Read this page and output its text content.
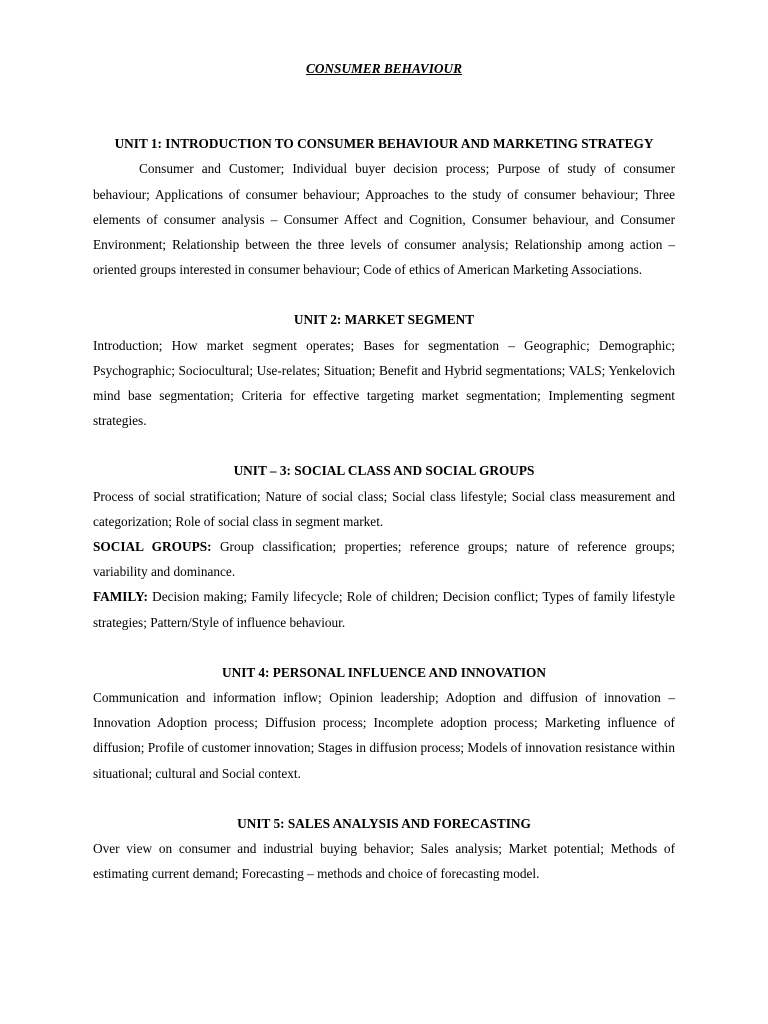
CONSUMER BEHAVIOUR
UNIT 1: INTRODUCTION TO CONSUMER BEHAVIOUR AND MARKETING STRATEGY

Consumer and Customer; Individual buyer decision process; Purpose of study of consumer behaviour; Applications of consumer behaviour; Approaches to the study of consumer behaviour; Three elements of consumer analysis – Consumer Affect and Cognition, Consumer behaviour, and Consumer Environment; Relationship between the three levels of consumer analysis; Relationship among action – oriented groups interested in consumer behaviour; Code of ethics of American Marketing Associations.

UNIT 2: MARKET SEGMENT

Introduction; How market segment operates; Bases for segmentation – Geographic; Demographic; Psychographic; Sociocultural; Use-relates; Situation; Benefit and Hybrid segmentations; VALS; Yenkelovich mind base segmentation; Criteria for effective targeting market segmentation; Implementing segment strategies.

UNIT – 3: SOCIAL CLASS AND SOCIAL GROUPS

Process of social stratification; Nature of social class; Social class lifestyle; Social class measurement and categorization; Role of social class in segment market.

SOCIAL GROUPS: Group classification; properties; reference groups; nature of reference groups; variability and dominance.

FAMILY: Decision making; Family lifecycle; Role of children; Decision conflict; Types of family lifestyle strategies; Pattern/Style of influence behaviour.

UNIT 4: PERSONAL INFLUENCE AND INNOVATION

Communication and information inflow; Opinion leadership; Adoption and diffusion of innovation – Innovation Adoption process; Diffusion process; Incomplete adoption process; Marketing influence of diffusion; Profile of customer innovation; Stages in diffusion process; Models of innovation resistance within situational; cultural and Social context.

UNIT 5: SALES ANALYSIS AND FORECASTING

Over view on consumer and industrial buying behavior; Sales analysis; Market potential; Methods of estimating current demand; Forecasting – methods and choice of forecasting model.
